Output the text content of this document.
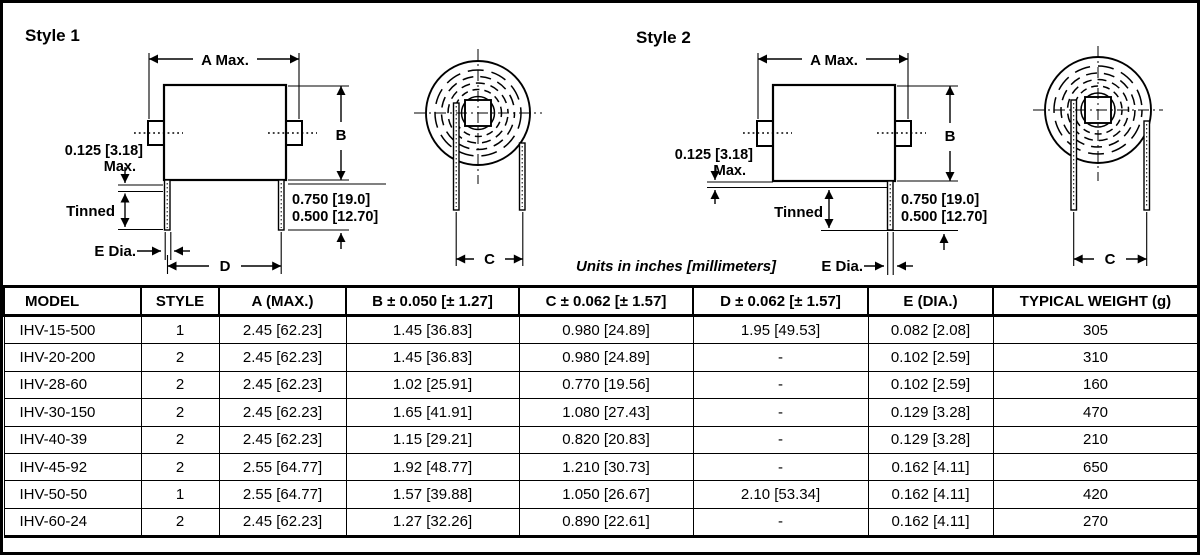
Style 1
A Max.
B
0.125 [3.18]
Max.
Tinned
0.750 [19.0]
0.500 [12.70]
E Dia.
D	C	Units in inches [millimeters]
Style 2
A Max.
B
0.125 [3.18]
Max.
Tinned
0.750 [19.0]
0.500 [12.70]
E Dia.	C
MODEL	STYLE	A (MAX.)	B ± 0.050 [± 1.27]	C ± 0.062 [± 1.57]	D ± 0.062 [± 1.57]	E (DIA.)	TYPICAL WEIGHT (g)
IHV-15-500	1	2.45 [62.23]	1.45 [36.83]	0.980 [24.89]	1.95 [49.53]	0.082 [2.08]	305
IHV-20-200	2	2.45 [62.23]	1.45 [36.83]	0.980 [24.89]	-	0.102 [2.59]	310
IHV-28-60	2	2.45 [62.23]	1.02 [25.91]	0.770 [19.56]	-	0.102 [2.59]	160
IHV-30-150	2	2.45 [62.23]	1.65 [41.91]	1.080 [27.43]	-	0.129 [3.28]	470
IHV-40-39	2	2.45 [62.23]	1.15 [29.21]	0.820 [20.83]	-	0.129 [3.28]	210
IHV-45-92	2	2.55 [64.77]	1.92 [48.77]	1.210 [30.73]	-	0.162 [4.11]	650
IHV-50-50	1	2.55 [64.77]	1.57 [39.88]	1.050 [26.67]	2.10 [53.34]	0.162 [4.11]	420
IHV-60-24	2	2.45 [62.23]	1.27 [32.26]	0.890 [22.61]	-	0.162 [4.11]	270
